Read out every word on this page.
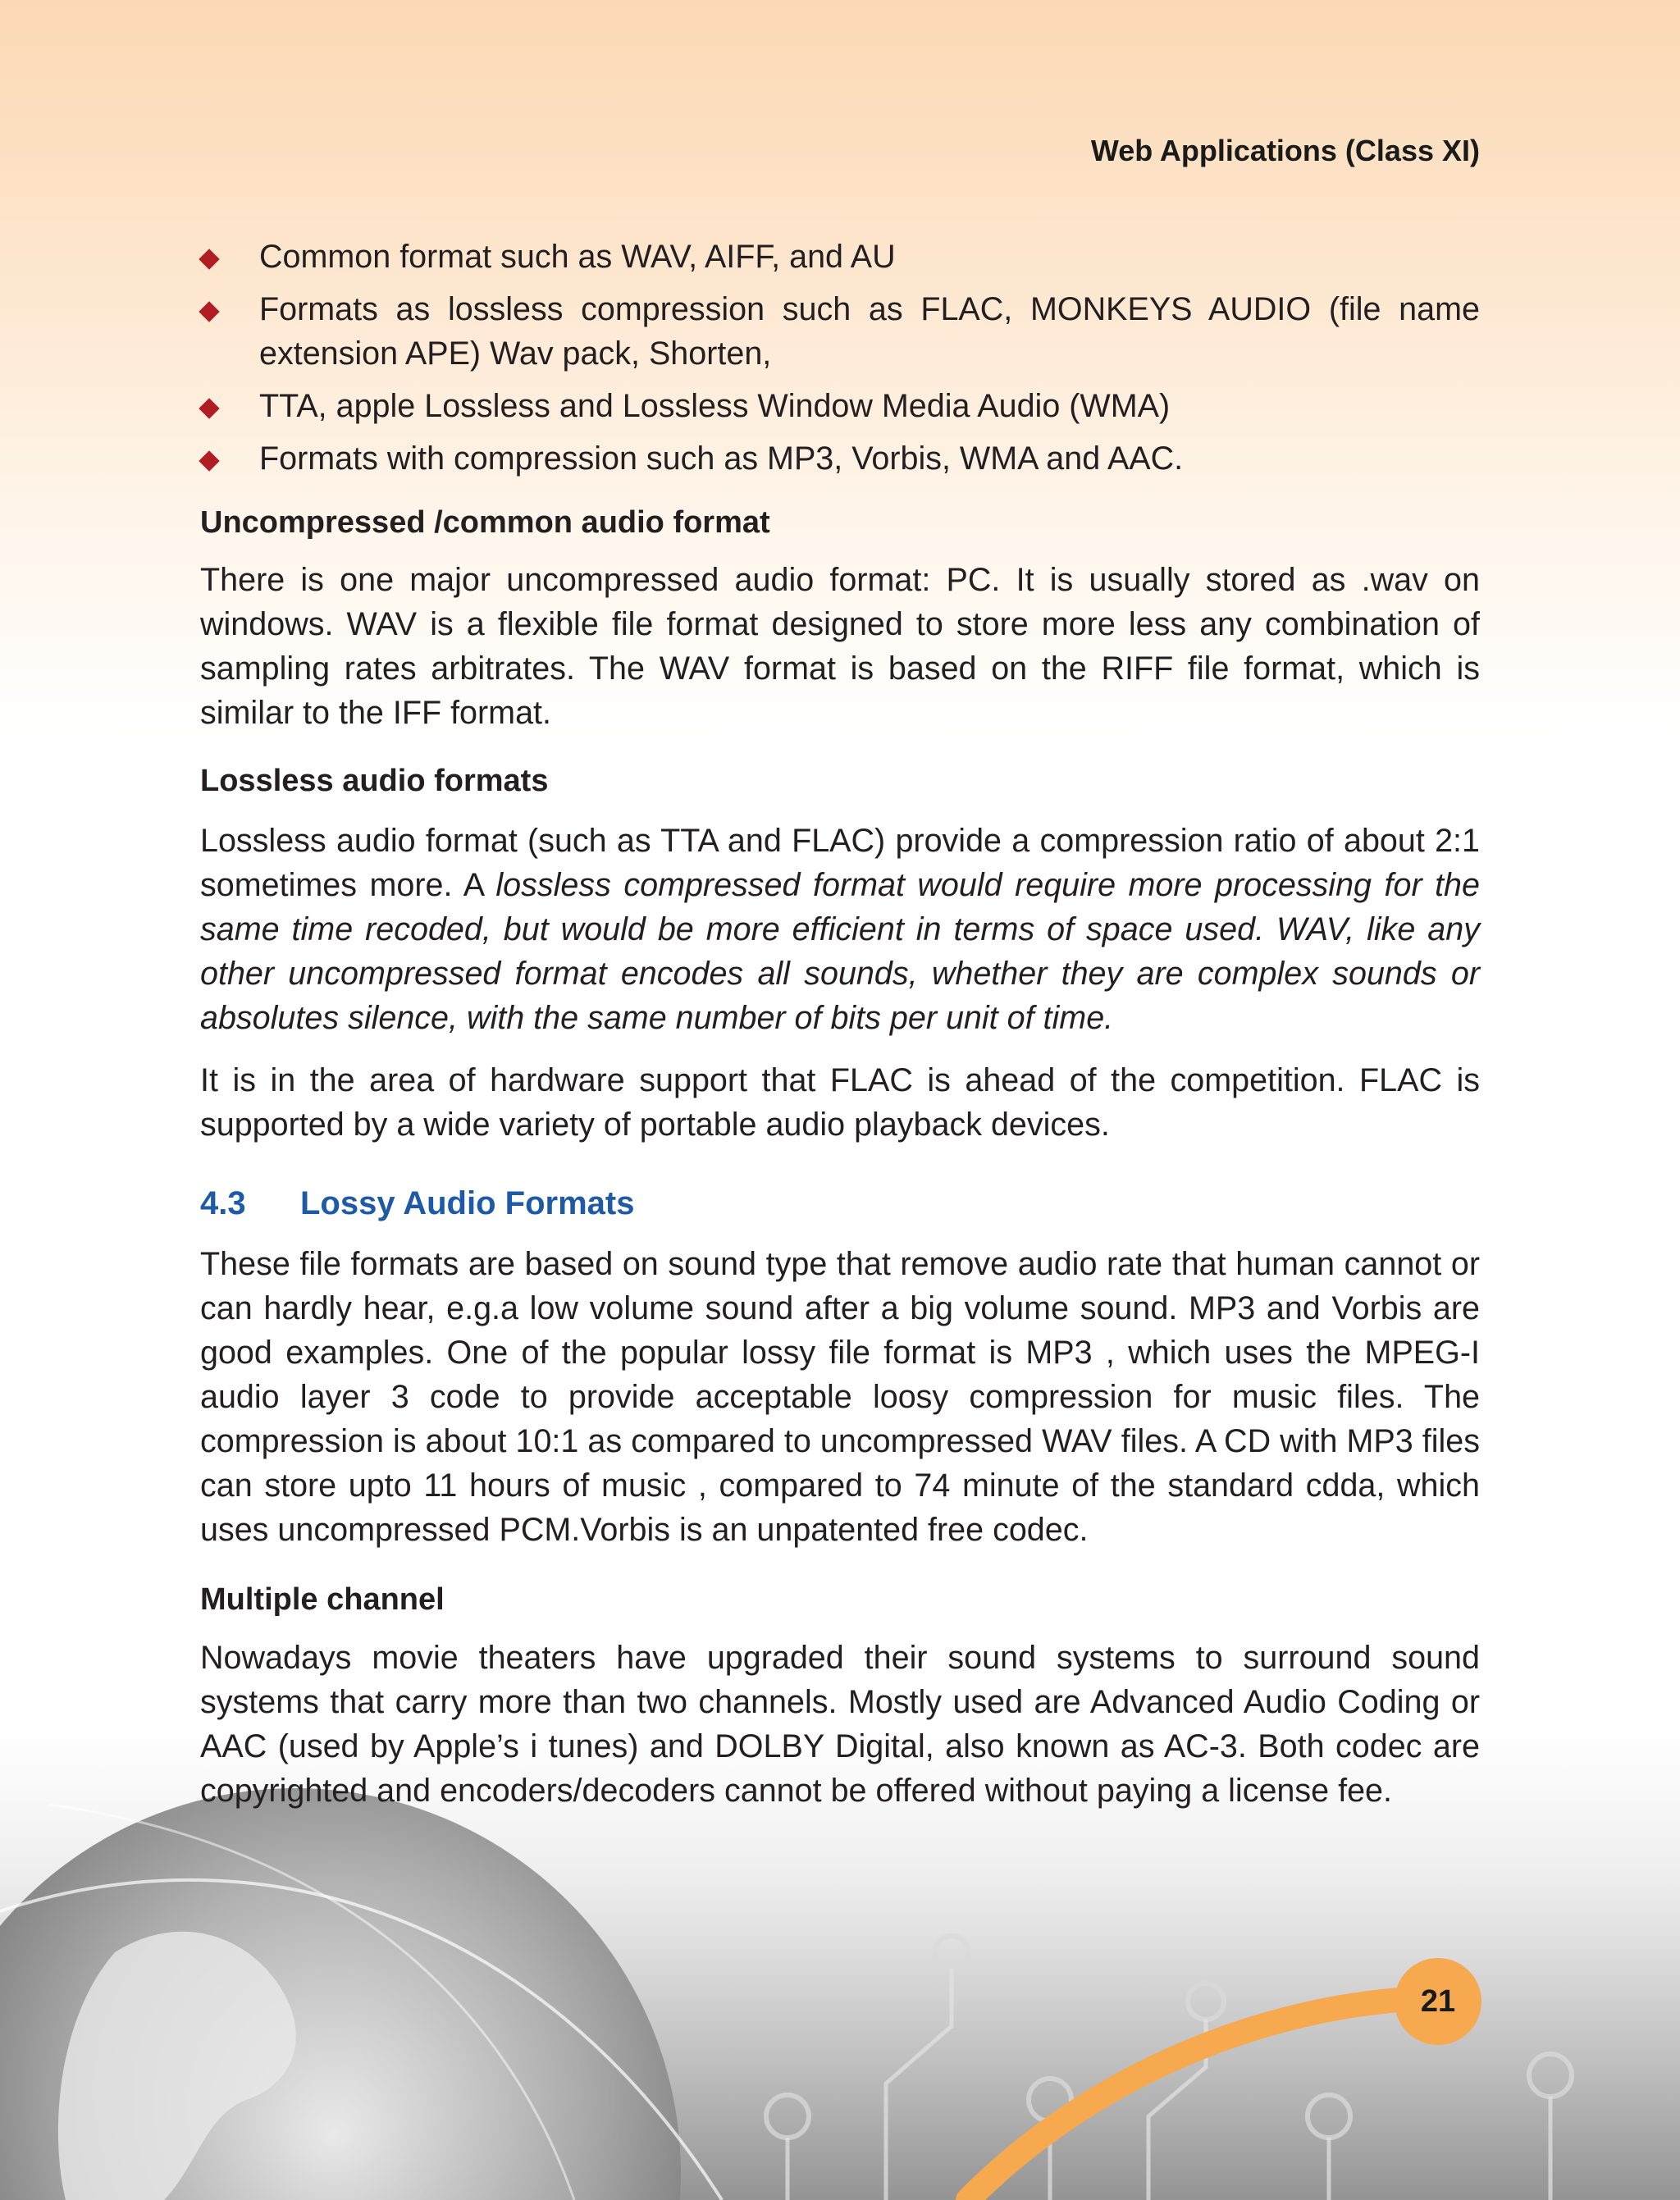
Web Applications (Class XI)
Common format such as WAV, AIFF, and AU
Formats as lossless compression such as FLAC, MONKEYS AUDIO (file name extension APE) Wav pack, Shorten,
TTA, apple Lossless and Lossless Window Media Audio (WMA)
Formats with compression such as MP3, Vorbis, WMA and AAC.
Uncompressed /common audio format

There is one major uncompressed audio format: PC. It is usually stored as .wav on windows. WAV is a flexible file format designed to store more less any combination of sampling rates arbitrates. The WAV format is based on the RIFF file format, which is similar to the IFF format.

Lossless audio formats

Lossless audio format (such as TTA and FLAC) provide a compression ratio of about 2:1 sometimes more. A lossless compressed format would require more processing for the same time recoded, but would be more efficient in terms of space used. WAV, like any other uncompressed format encodes all sounds, whether they are complex sounds or absolutes silence, with the same number of bits per unit of time.

It is in the area of hardware support that FLAC is ahead of the competition. FLAC is supported by a wide variety of portable audio playback devices.

4.3 Lossy Audio Formats

These file formats are based on sound type that remove audio rate that human cannot or can hardly hear, e.g.a low volume sound after a big volume sound. MP3 and Vorbis are good examples. One of the popular lossy file format is MP3 , which uses the MPEG-I audio layer 3 code to provide acceptable loosy compression for music files. The compression is about 10:1 as compared to uncompressed WAV files. A CD with MP3 files can store upto 11 hours of music , compared to 74 minute of the standard cdda, which uses uncompressed PCM.Vorbis is an unpatented free codec.

Multiple channel

Nowadays movie theaters have upgraded their sound systems to surround sound systems that carry more than two channels. Mostly used are Advanced Audio Coding or AAC (used by Apple’s i tunes) and DOLBY Digital, also known as AC-3. Both codec are copyrighted and encoders/decoders cannot be offered without paying a license fee.

21
